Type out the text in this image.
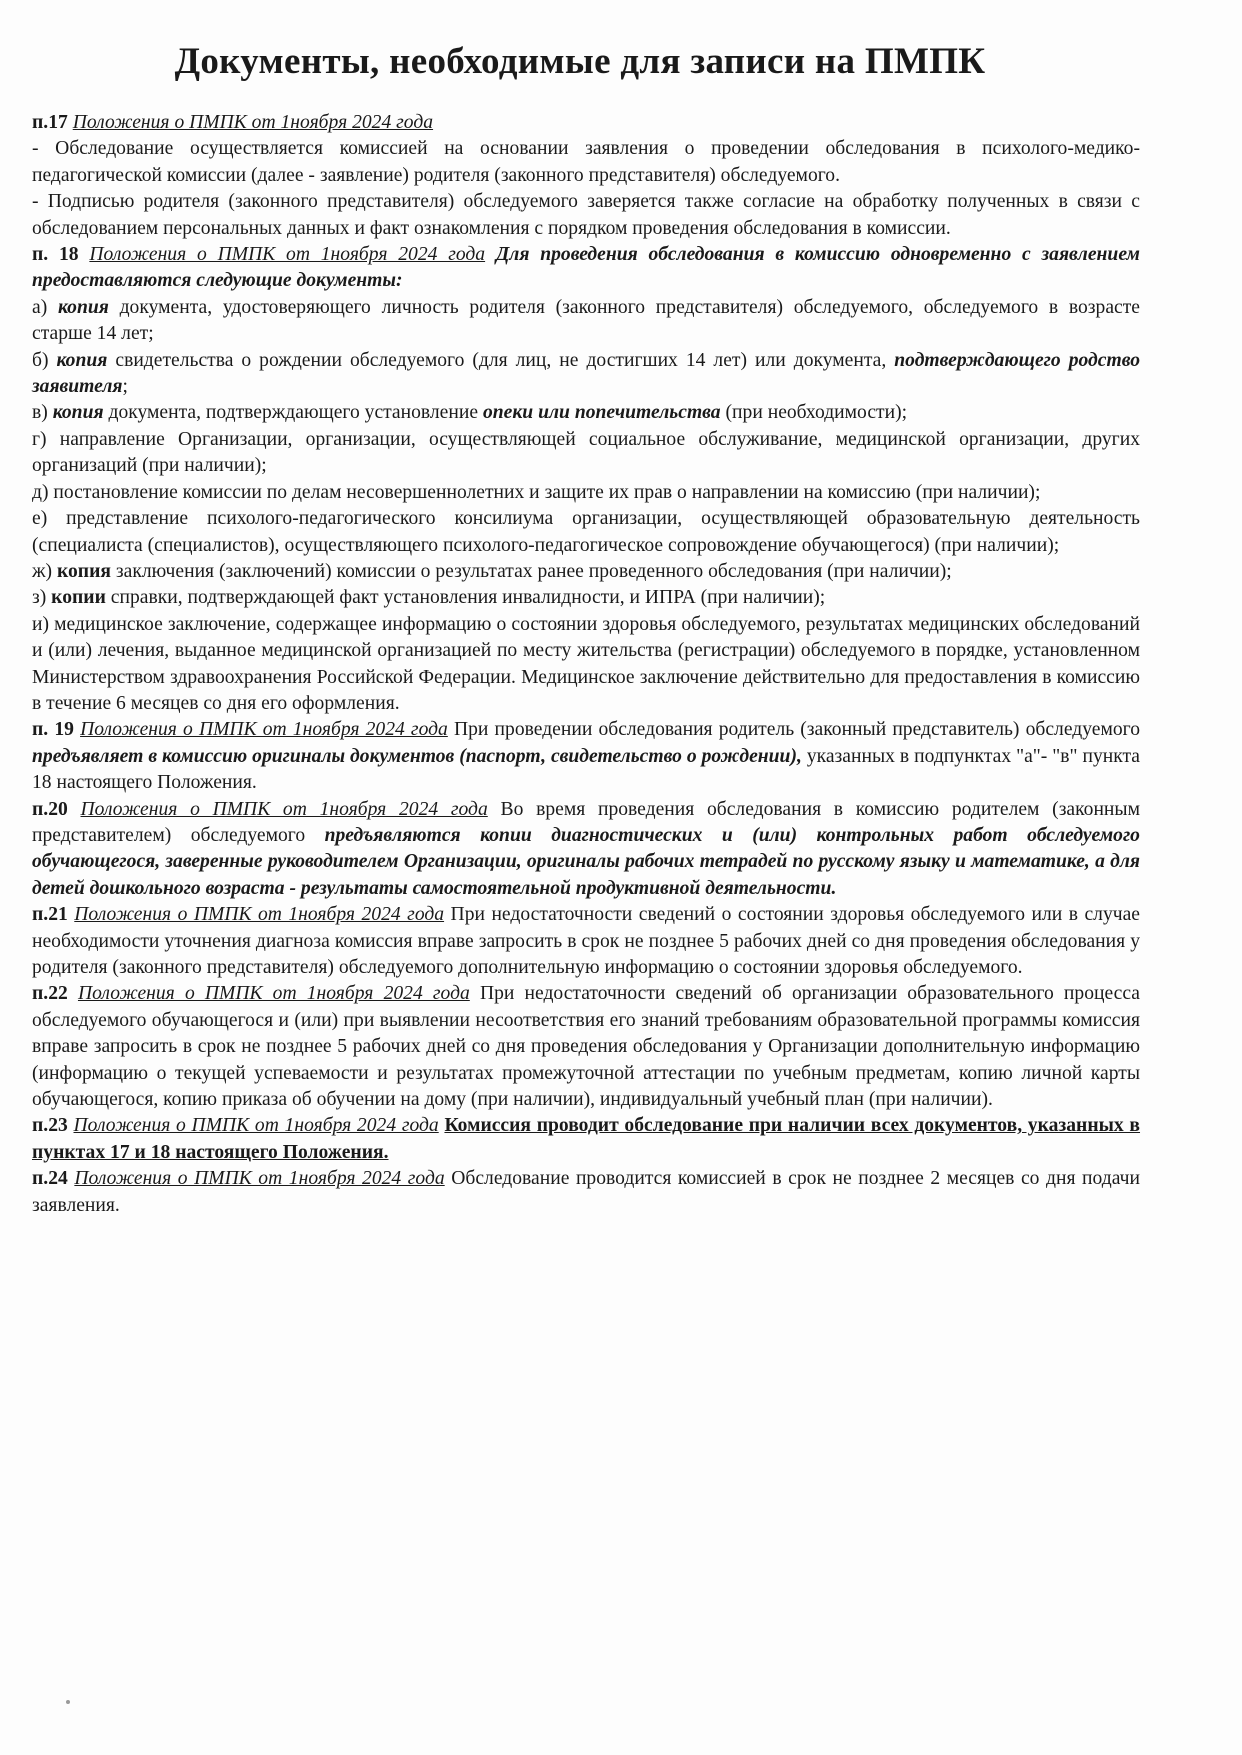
Документы, необходимые для записи на ПМПК

п.17 Положения о ПМПК от 1ноября 2024 года

- Обследование осуществляется комиссией на основании заявления о проведении обследования в психолого-медико-педагогической комиссии (далее - заявление) родителя (законного представителя) обследуемого.

- Подписью родителя (законного представителя) обследуемого заверяется также согласие на обработку полученных в связи с обследованием персональных данных и факт ознакомления с порядком проведения обследования в комиссии.

п. 18 Положения о ПМПК от 1ноября 2024 года Для проведения обследования в комиссию одновременно с заявлением предоставляются следующие документы:

а) копия документа, удостоверяющего личность родителя (законного представителя) обследуемого, обследуемого в возрасте старше 14 лет;

б) копия свидетельства о рождении обследуемого (для лиц, не достигших 14 лет) или документа, подтверждающего родство заявителя;

в) копия документа, подтверждающего установление опеки или попечительства (при необходимости);

г) направление Организации, организации, осуществляющей социальное обслуживание, медицинской организации, других организаций (при наличии);

д) постановление комиссии по делам несовершеннолетних и защите их прав о направлении на комиссию (при наличии);

е) представление психолого-педагогического консилиума организации, осуществляющей образовательную деятельность (специалиста (специалистов), осуществляющего психолого-педагогическое сопровождение обучающегося) (при наличии);

ж) копия заключения (заключений) комиссии о результатах ранее проведенного обследования (при наличии);

з) копии справки, подтверждающей факт установления инвалидности, и ИПРА (при наличии);

и) медицинское заключение, содержащее информацию о состоянии здоровья обследуемого, результатах медицинских обследований и (или) лечения, выданное медицинской организацией по месту жительства (регистрации) обследуемого в порядке, установленном Министерством здравоохранения Российской Федерации. Медицинское заключение действительно для предоставления в комиссию в течение 6 месяцев со дня его оформления.

п. 19 Положения о ПМПК от 1ноября 2024 года При проведении обследования родитель (законный представитель) обследуемого предъявляет в комиссию оригиналы документов (паспорт, свидетельство о рождении), указанных в подпунктах "а"- "в" пункта 18 настоящего Положения.

п.20 Положения о ПМПК от 1ноября 2024 года Во время проведения обследования в комиссию родителем (законным представителем) обследуемого предъявляются копии диагностических и (или) контрольных работ обследуемого обучающегося, заверенные руководителем Организации, оригиналы рабочих тетрадей по русскому языку и математике, а для детей дошкольного возраста - результаты самостоятельной продуктивной деятельности.

п.21 Положения о ПМПК от 1ноября 2024 года При недостаточности сведений о состоянии здоровья обследуемого или в случае необходимости уточнения диагноза комиссия вправе запросить в срок не позднее 5 рабочих дней со дня проведения обследования у родителя (законного представителя) обследуемого дополнительную информацию о состоянии здоровья обследуемого.

п.22 Положения о ПМПК от 1ноября 2024 года При недостаточности сведений об организации образовательного процесса обследуемого обучающегося и (или) при выявлении несоответствия его знаний требованиям образовательной программы комиссия вправе запросить в срок не позднее 5 рабочих дней со дня проведения обследования у Организации дополнительную информацию (информацию о текущей успеваемости и результатах промежуточной аттестации по учебным предметам, копию личной карты обучающегося, копию приказа об обучении на дому (при наличии), индивидуальный учебный план (при наличии).

п.23 Положения о ПМПК от 1ноября 2024 года Комиссия проводит обследование при наличии всех документов, указанных в пунктах 17 и 18 настоящего Положения.

п.24 Положения о ПМПК от 1ноября 2024 года Обследование проводится комиссией в срок не позднее 2 месяцев со дня подачи заявления.
